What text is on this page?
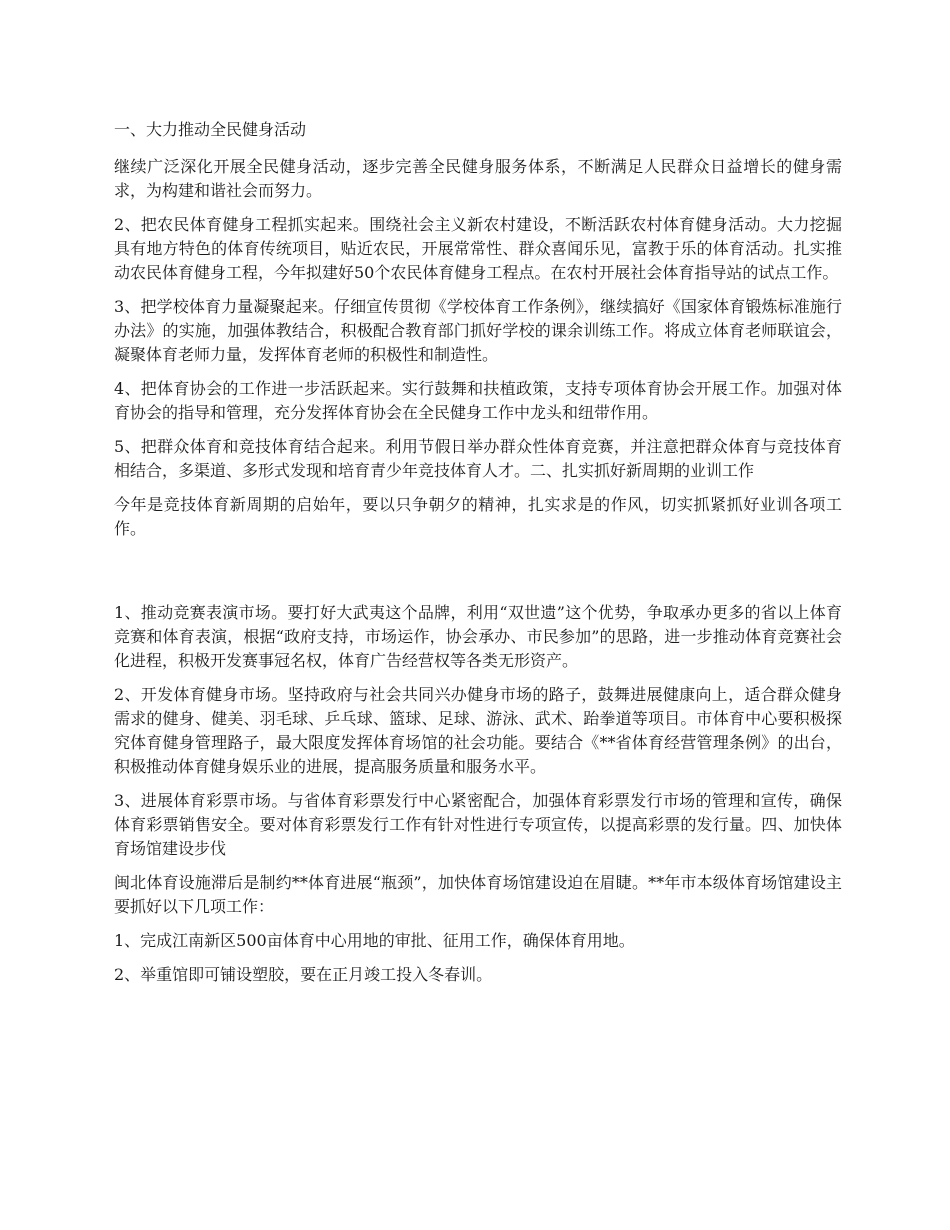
一、大力推动全民健身活动

继续广泛深化开展全民健身活动，逐步完善全民健身服务体系，不断满足人民群众日益增长的健身需求，为构建和谐社会而努力。

2、把农民体育健身工程抓实起来。围绕社会主义新农村建设，不断活跃农村体育健身活动。大力挖掘具有地方特色的体育传统项目，贴近农民，开展常常性、群众喜闻乐见，富教于乐的体育活动。扎实推动农民体育健身工程，今年拟建好50个农民体育健身工程点。在农村开展社会体育指导站的试点工作。

3、把学校体育力量凝聚起来。仔细宣传贯彻《学校体育工作条例》，继续搞好《国家体育锻炼标准施行办法》的实施，加强体教结合，积极配合教育部门抓好学校的课余训练工作。将成立体育老师联谊会，凝聚体育老师力量，发挥体育老师的积极性和制造性。

4、把体育协会的工作进一步活跃起来。实行鼓舞和扶植政策，支持专项体育协会开展工作。加强对体育协会的指导和管理，充分发挥体育协会在全民健身工作中龙头和纽带作用。

5、把群众体育和竞技体育结合起来。利用节假日举办群众性体育竞赛，并注意把群众体育与竞技体育相结合，多渠道、多形式发现和培育青少年竞技体育人才。二、扎实抓好新周期的业训工作

今年是竞技体育新周期的启始年，要以只争朝夕的精神，扎实求是的作风，切实抓紧抓好业训各项工作。

1、推动竞赛表演市场。要打好大武夷这个品牌，利用“双世遗”这个优势，争取承办更多的省以上体育竞赛和体育表演，根据“政府支持，市场运作，协会承办、市民参加”的思路，进一步推动体育竞赛社会化进程，积极开发赛事冠名权，体育广告经营权等各类无形资产。

2、开发体育健身市场。坚持政府与社会共同兴办健身市场的路子，鼓舞进展健康向上，适合群众健身需求的健身、健美、羽毛球、乒乓球、篮球、足球、游泳、武术、跆拳道等项目。市体育中心要积极探究体育健身管理路子，最大限度发挥体育场馆的社会功能。要结合《**省体育经营管理条例》的出台，积极推动体育健身娱乐业的进展，提高服务质量和服务水平。

3、进展体育彩票市场。与省体育彩票发行中心紧密配合，加强体育彩票发行市场的管理和宣传，确保体育彩票销售安全。要对体育彩票发行工作有针对性进行专项宣传，以提高彩票的发行量。四、加快体育场馆建设步伐

闽北体育设施滞后是制约**体育进展“瓶颈”，加快体育场馆建设迫在眉睫。**年市本级体育场馆建设主要抓好以下几项工作：

1、完成江南新区500亩体育中心用地的审批、征用工作，确保体育用地。

2、举重馆即可铺设塑胶，要在正月竣工投入冬春训。
